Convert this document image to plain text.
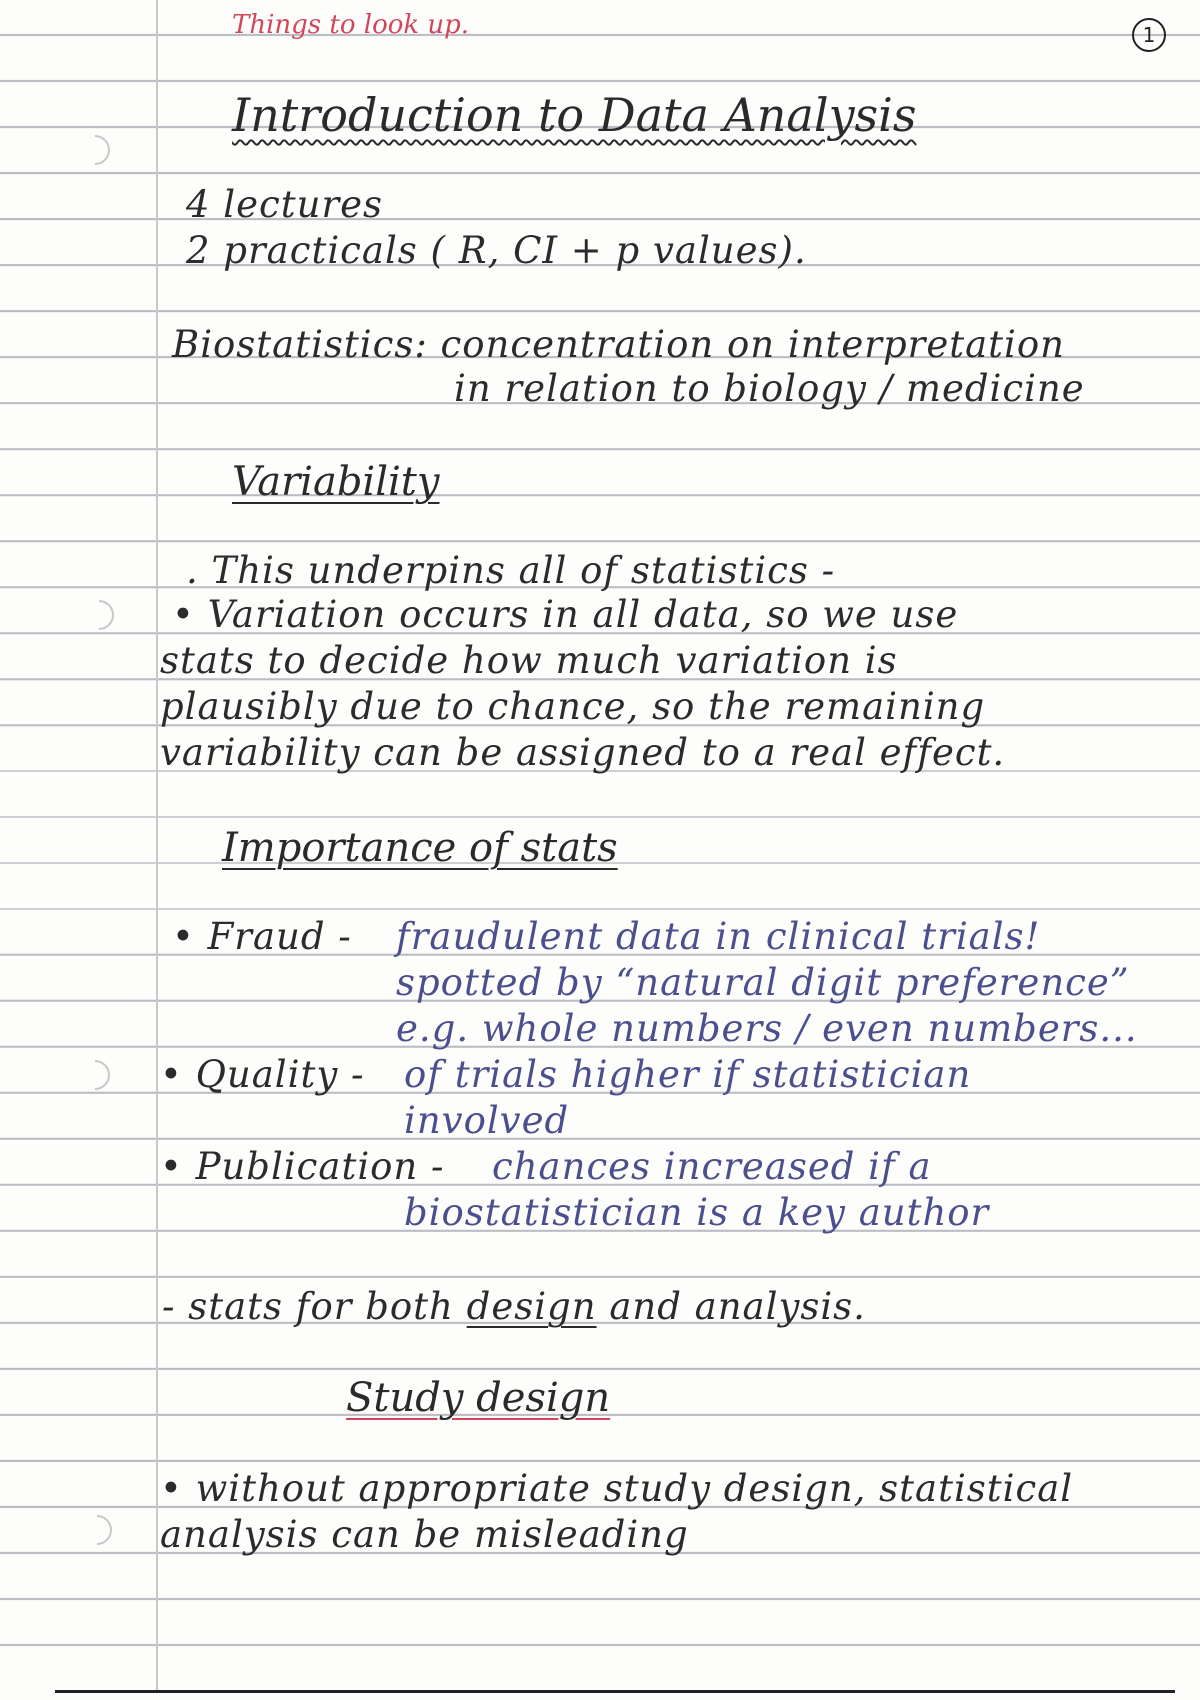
Things to look up.	1

Introduction to Data Analysis

4 lectures

2 practicals ( R, CI + p values).

Biostatistics: concentration on interpretation

in relation to biology / medicine

Variability

. This underpins all of statistics -

• Variation occurs in all data, so we use

stats to decide how much variation is

plausibly due to chance, so the remaining

variability can be assigned to a real effect.

Importance of stats

• Fraud - fraudulent data in clinical trials!

spotted by “natural digit preference”

e.g. whole numbers / even numbers...

• Quality - of trials higher if statistician

involved

• Publication - chances increased if a

biostatistician is a key author

- stats for both design and analysis.

Study design

• without appropriate study design, statistical

analysis can be misleading
